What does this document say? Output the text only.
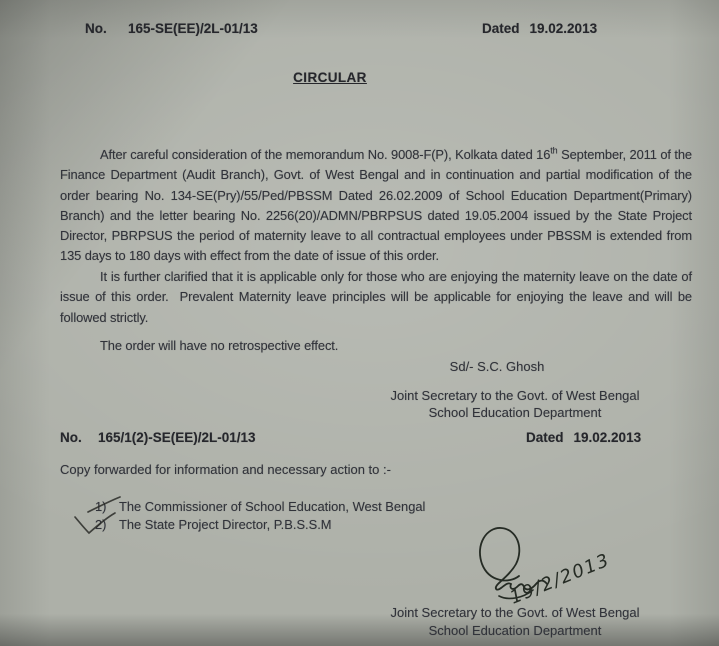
No. 165-SE(EE)/2L-01/13	Dated 19.02.2013
CIRCULAR
After careful consideration of the memorandum No. 9008-F(P), Kolkata dated 16th September, 2011 of the Finance Department (Audit Branch), Govt. of West Bengal and in continuation and partial modification of the order bearing No. 134-SE(Pry)/55/Ped/PBSSM Dated 26.02.2009 of School Education Department(Primary) Branch) and the letter bearing No. 2256(20)/ADMN/PBRPSUS dated 19.05.2004 issued by the State Project Director, PBRPSUS the period of maternity leave to all contractual employees under PBSSM is extended from 135 days to 180 days with effect from the date of issue of this order.
It is further clarified that it is applicable only for those who are enjoying the maternity leave on the date of issue of this order.  Prevalent Maternity leave principles will be applicable for enjoying the leave and will be followed strictly.
The order will have no retrospective effect.
Sd/- S.C. Ghosh
Joint Secretary to the Govt. of West Bengal
School Education Department
No. 165/1(2)-SE(EE)/2L-01/13	Dated 19.02.2013
Copy forwarded for information and necessary action to :-
1) The Commissioner of School Education, West Bengal
2) The State Project Director, P.B.S.S.M
19/2/2013
Joint Secretary to the Govt. of West Bengal
School Education Department
